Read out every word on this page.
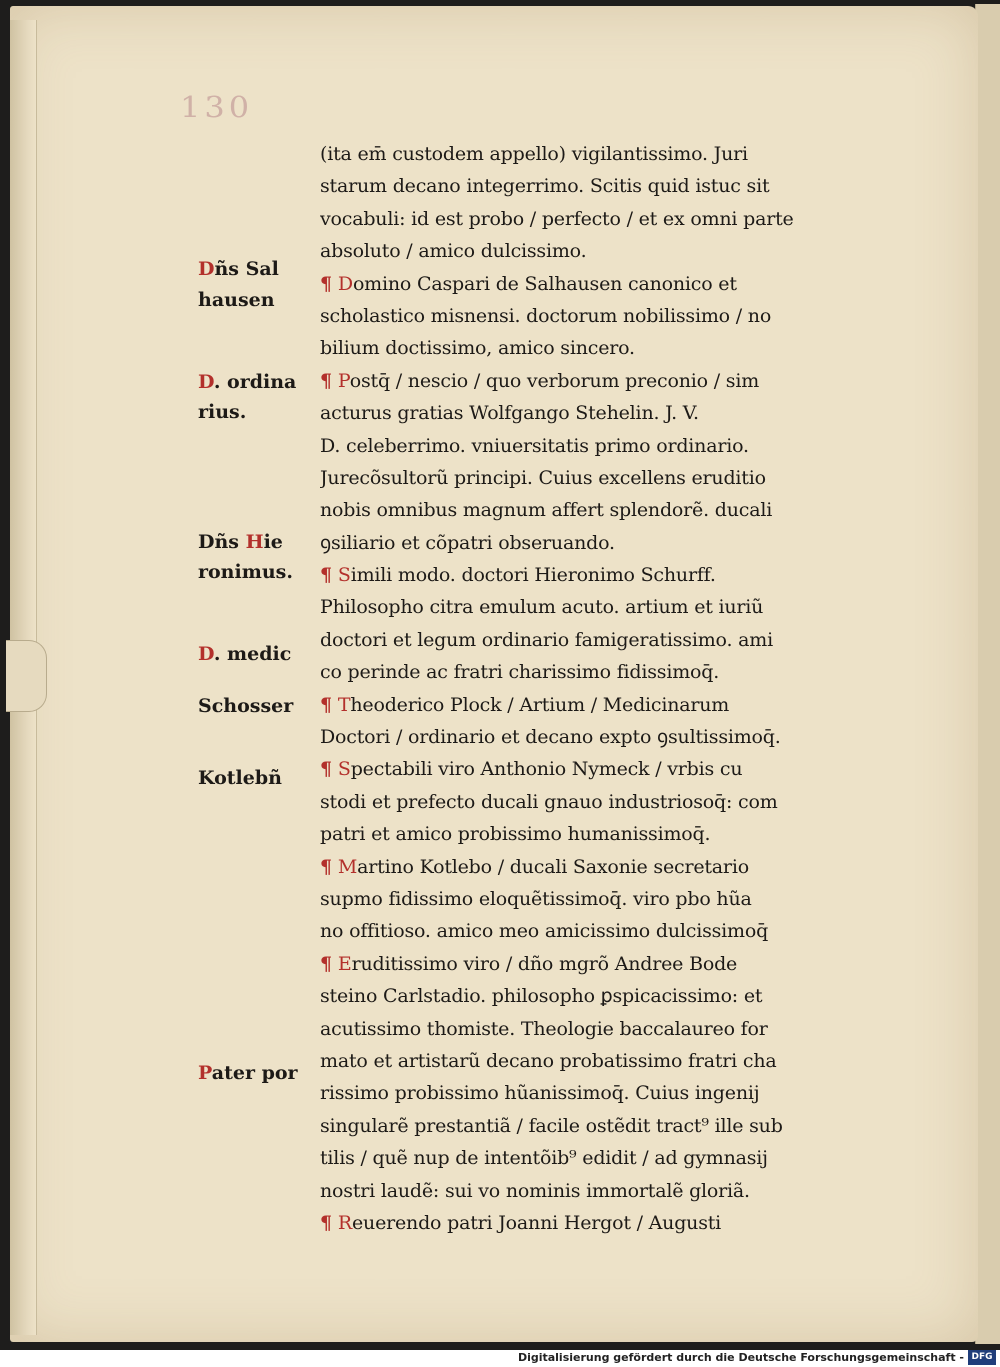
130
(ita em̄ custodem appello) vigilantissimo. Juri
starum decano integerrimo. Scitis quid istuc sit
vocabuli: id est probo / perfecto / et ex omni parte
absoluto / amico dulcissimo.
¶ Domino Caspari de Salhausen canonico et
scholastico misnensi. doctorum nobilissimo / no
bilium doctissimo, amico sincero.
¶ Postq̄ / nescio / quo verborum preconio / sim
acturus gratias Wolfgango Stehelin. J. V.
D. celeberrimo. vniuersitatis primo ordinario.
Jurecõsultorũ principi. Cuius excellens eruditio
nobis omnibus magnum affert splendorẽ. ducali
ꝯsiliario et cõpatri obseruando.
¶ Simili modo. doctori Hieronimo Schurff.
Philosopho citra emulum acuto. artium et iuriũ
doctori et legum ordinario famigeratissimo. ami
co perinde ac fratri charissimo fidissimoq̄.
¶ Theoderico Plock / Artium / Medicinarum
Doctori / ordinario et decano expto ꝯsultissimoq̄.
¶ Spectabili viro Anthonio Nymeck / vrbis cu
stodi et prefecto ducali gnauo industriosoq̄: com
patri et amico probissimo humanissimoq̄.
¶ Martino Kotlebo / ducali Saxonie secretario
supmo fidissimo eloquẽtissimoq̄. viro pbo hũa
no offitioso. amico meo amicissimo dulcissimoq̄
¶ Eruditissimo viro / dño mgrõ Andree Bode
steino Carlstadio. philosopho ꝑspicacissimo: et
acutissimo thomiste. Theologie baccalaureo for
mato et artistarũ decano probatissimo fratri cha
rissimo probissimo hũanissimoq̄. Cuius ingenij
singularẽ prestantiã / facile ostẽdit tract⁹ ille sub
tilis / quẽ nup de intentõib⁹ edidit / ad gymnasij
nostri laudẽ: sui vo nominis immortalẽ gloriã.
¶ Reuerendo patri Joanni Hergot / Augusti
Dñs Sal
hausen
D. ordina
rius.
Dñs Hie
ronimus.
D. medic
Schosser
Kotlebñ
Pater por
Digitalisierung gefördert durch die Deutsche Forschungsgemeinschaft - DFG
